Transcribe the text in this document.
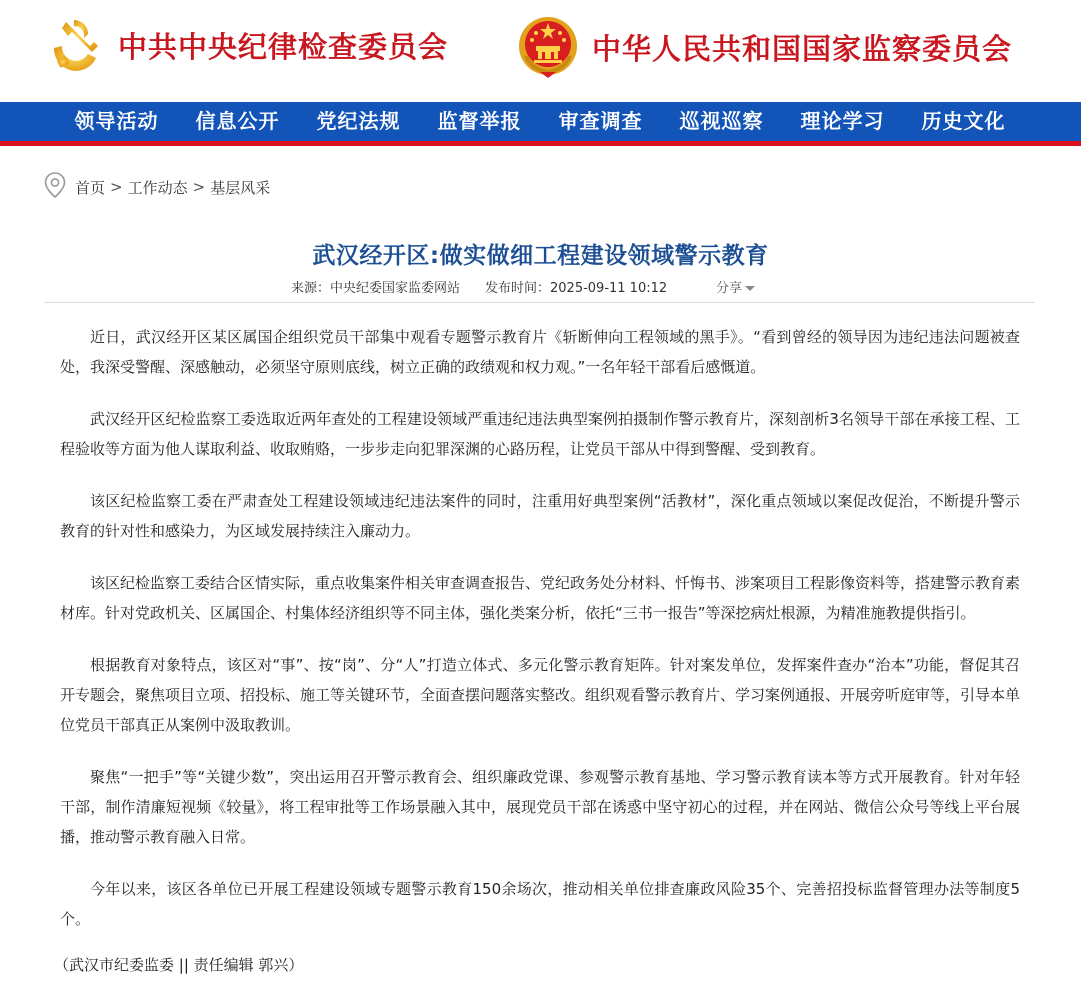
中共中央纪律检查委员会	中华人民共和国国家监察委员会
领导活动	信息公开	党纪法规	监督举报	审查调查	巡视巡察	理论学习	历史文化
首页 > 工作动态 > 基层风采
武汉经开区:做实做细工程建设领域警示教育
来源：中央纪委国家监委网站 发布时间：2025-09-11 10:12	分享

近日，武汉经开区某区属国企组织党员干部集中观看专题警示教育片《斩断伸向工程领域的黑手》。“看到曾经的领导因为违纪违法问题被查处，我深受警醒、深感触动，必须坚守原则底线，树立正确的政绩观和权力观。”一名年轻干部看后感慨道。

武汉经开区纪检监察工委选取近两年查处的工程建设领域严重违纪违法典型案例拍摄制作警示教育片，深刻剖析3名领导干部在承接工程、工程验收等方面为他人谋取利益、收取贿赂，一步步走向犯罪深渊的心路历程，让党员干部从中得到警醒、受到教育。

该区纪检监察工委在严肃查处工程建设领域违纪违法案件的同时，注重用好典型案例“活教材”，深化重点领域以案促改促治，不断提升警示教育的针对性和感染力，为区域发展持续注入廉动力。

该区纪检监察工委结合区情实际，重点收集案件相关审查调查报告、党纪政务处分材料、忏悔书、涉案项目工程影像资料等，搭建警示教育素材库。针对党政机关、区属国企、村集体经济组织等不同主体，强化类案分析，依托“三书一报告”等深挖病灶根源，为精准施教提供指引。

根据教育对象特点，该区对“事”、按“岗”、分“人”打造立体式、多元化警示教育矩阵。针对案发单位，发挥案件查办“治本”功能，督促其召开专题会，聚焦项目立项、招投标、施工等关键环节，全面查摆问题落实整改。组织观看警示教育片、学习案例通报、开展旁听庭审等，引导本单位党员干部真正从案例中汲取教训。

聚焦“一把手”等“关键少数”，突出运用召开警示教育会、组织廉政党课、参观警示教育基地、学习警示教育读本等方式开展教育。针对年轻干部，制作清廉短视频《较量》，将工程审批等工作场景融入其中，展现党员干部在诱惑中坚守初心的过程，并在网站、微信公众号等线上平台展播，推动警示教育融入日常。

今年以来，该区各单位已开展工程建设领域专题警示教育150余场次，推动相关单位排查廉政风险35个、完善招投标监督管理办法等制度5个。

（武汉市纪委监委 || 责任编辑 郭兴）
